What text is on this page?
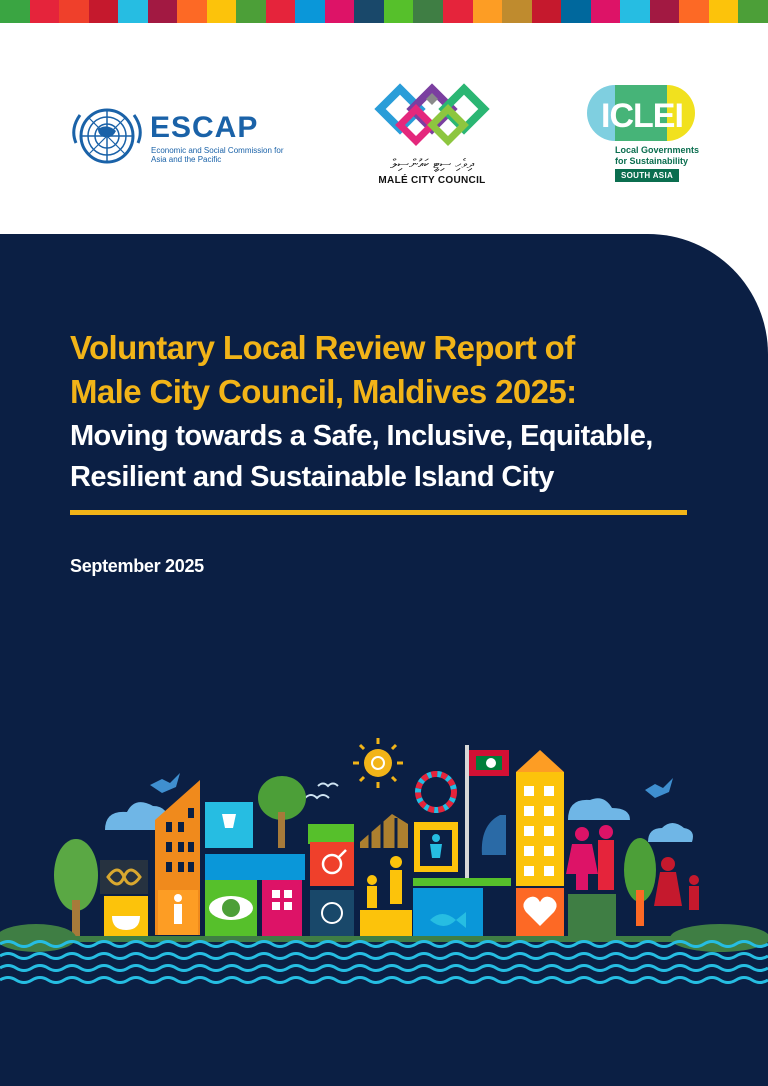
ESCAP
Economic and Social Commission for Asia and the Pacific	ދިވެހި ސިޓީ ކައުންސިލް
MALÉ CITY COUNCIL
ICLEI
Local Governments
for Sustainability
SOUTH ASIA
Voluntary Local Review Report of
Male City Council, Maldives 2025:
Moving towards a Safe, Inclusive, Equitable,
Resilient and Sustainable Island City
September 2025
